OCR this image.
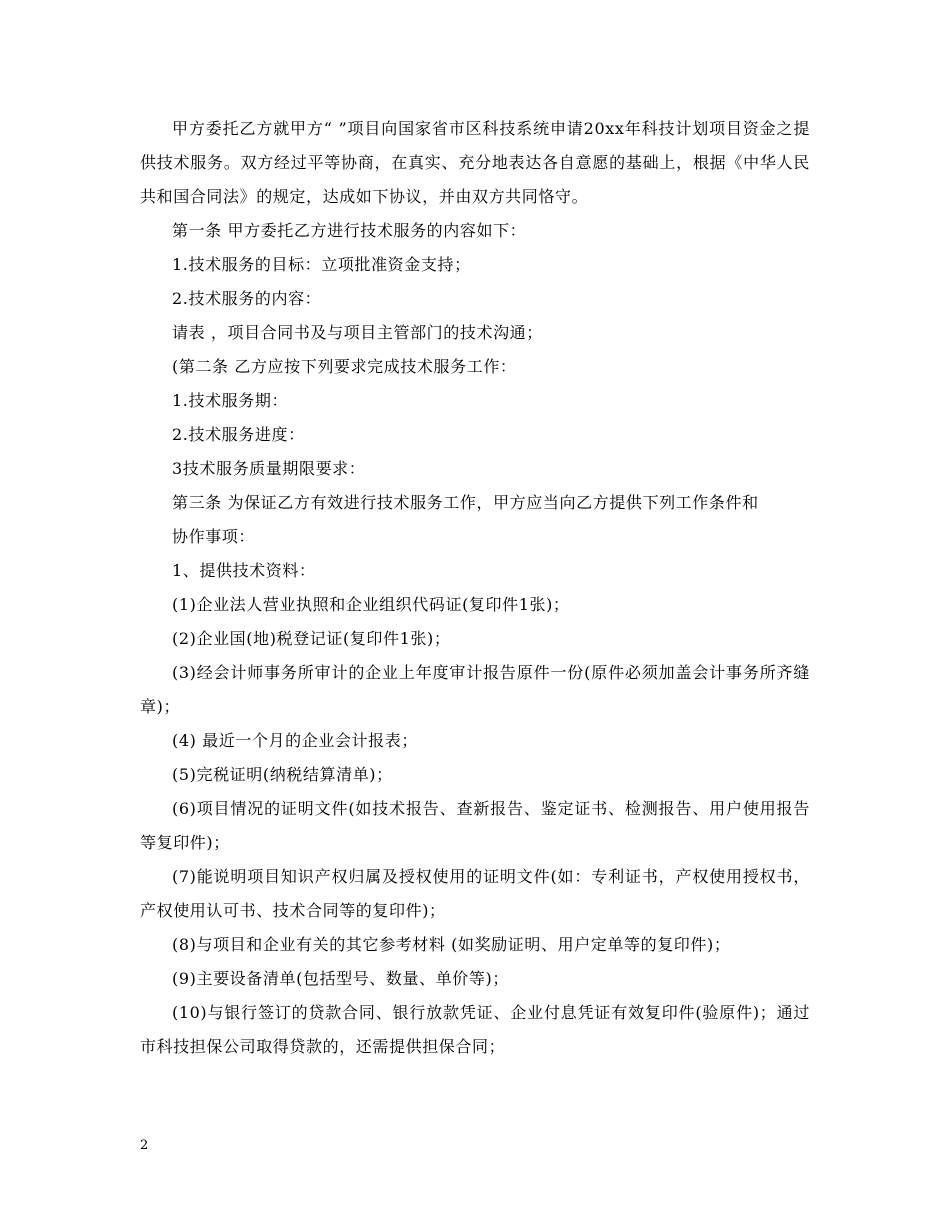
甲方委托乙方就甲方“ ”项目向国家省市区科技系统申请20xx年科技计划项目资金之提供技术服务。双方经过平等协商，在真实、充分地表达各自意愿的基础上，根据《中华人民共和国合同法》的规定，达成如下协议，并由双方共同恪守。

第一条 甲方委托乙方进行技术服务的内容如下：

1.技术服务的目标：立项批准资金支持；

2.技术服务的内容：

请表 ，项目合同书及与项目主管部门的技术沟通；

(第二条 乙方应按下列要求完成技术服务工作：

1.技术服务期：

2.技术服务进度：

3技术服务质量期限要求：

第三条 为保证乙方有效进行技术服务工作，甲方应当向乙方提供下列工作条件和

协作事项：

1、提供技术资料：

(1)企业法人营业执照和企业组织代码证(复印件1张)；

(2)企业国(地)税登记证(复印件1张)；

(3)经会计师事务所审计的企业上年度审计报告原件一份(原件必须加盖会计事务所齐缝章)；

(4) 最近一个月的企业会计报表；

(5)完税证明(纳税结算清单)；

(6)项目情况的证明文件(如技术报告、查新报告、鉴定证书、检测报告、用户使用报告等复印件)；

(7)能说明项目知识产权归属及授权使用的证明文件(如：专利证书，产权使用授权书，产权使用认可书、技术合同等的复印件)；

(8)与项目和企业有关的其它参考材料 (如奖励证明、用户定单等的复印件)；

(9)主要设备清单(包括型号、数量、单价等)；

(10)与银行签订的贷款合同、银行放款凭证、企业付息凭证有效复印件(验原件)；通过市科技担保公司取得贷款的，还需提供担保合同；

2
